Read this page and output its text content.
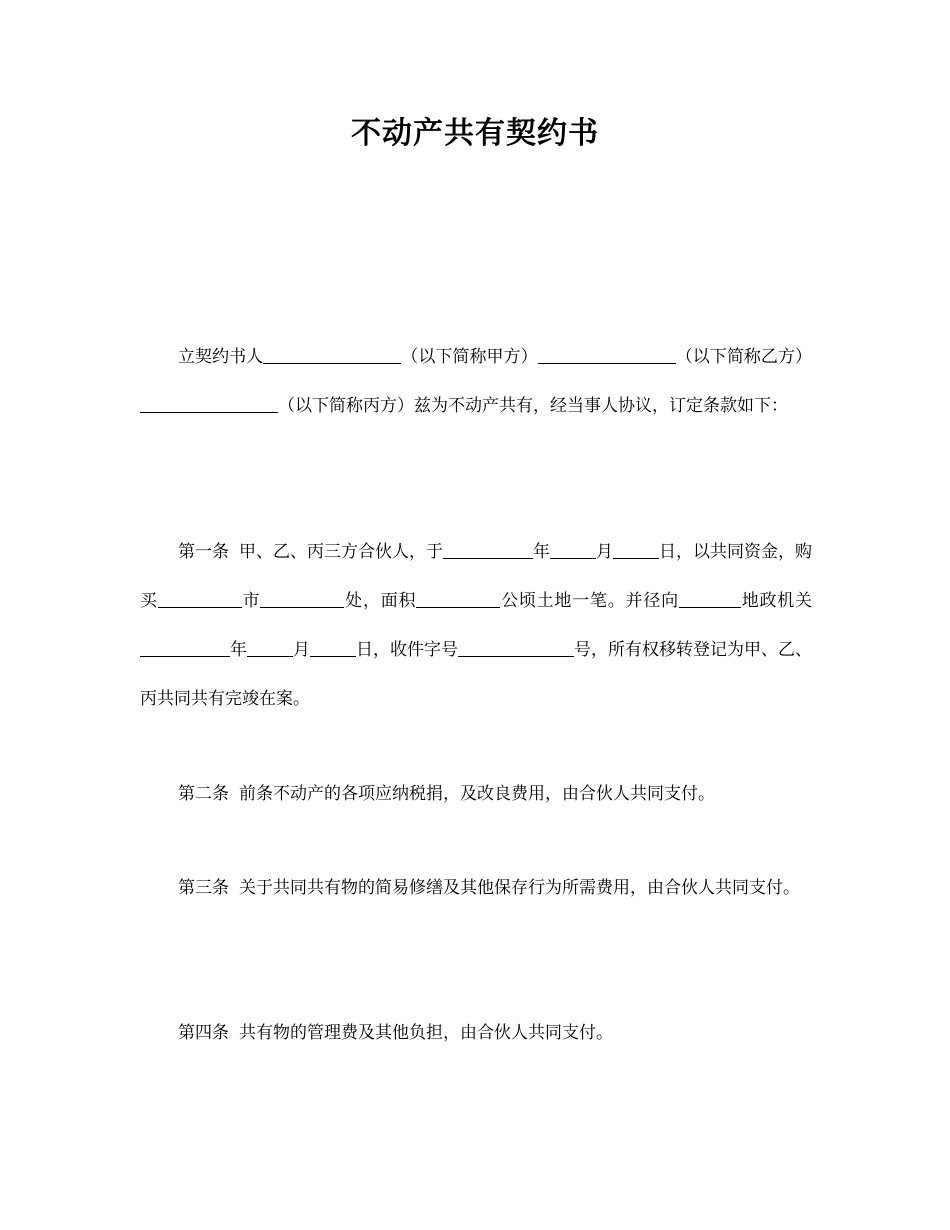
不动产共有契约书
立契约书人	（以下简称甲方）	（以下简称乙方）（以下简称丙方）兹为不动产共有，经当事人协议，订定条款如下：
第一条 甲、乙、丙三方合伙人，于	年	月	日，以共同资金，购买	市	处，面积	公顷土地一笔。并径向	地政机关年	月	日，收件字号	号，所有权移转登记为甲、乙、丙共同共有完竣在案。
第二条 前条不动产的各项应纳税捐，及改良费用，由合伙人共同支付。
第三条 关于共同共有物的简易修缮及其他保存行为所需费用，由合伙人共同支付。
第四条 共有物的管理费及其他负担，由合伙人共同支付。
